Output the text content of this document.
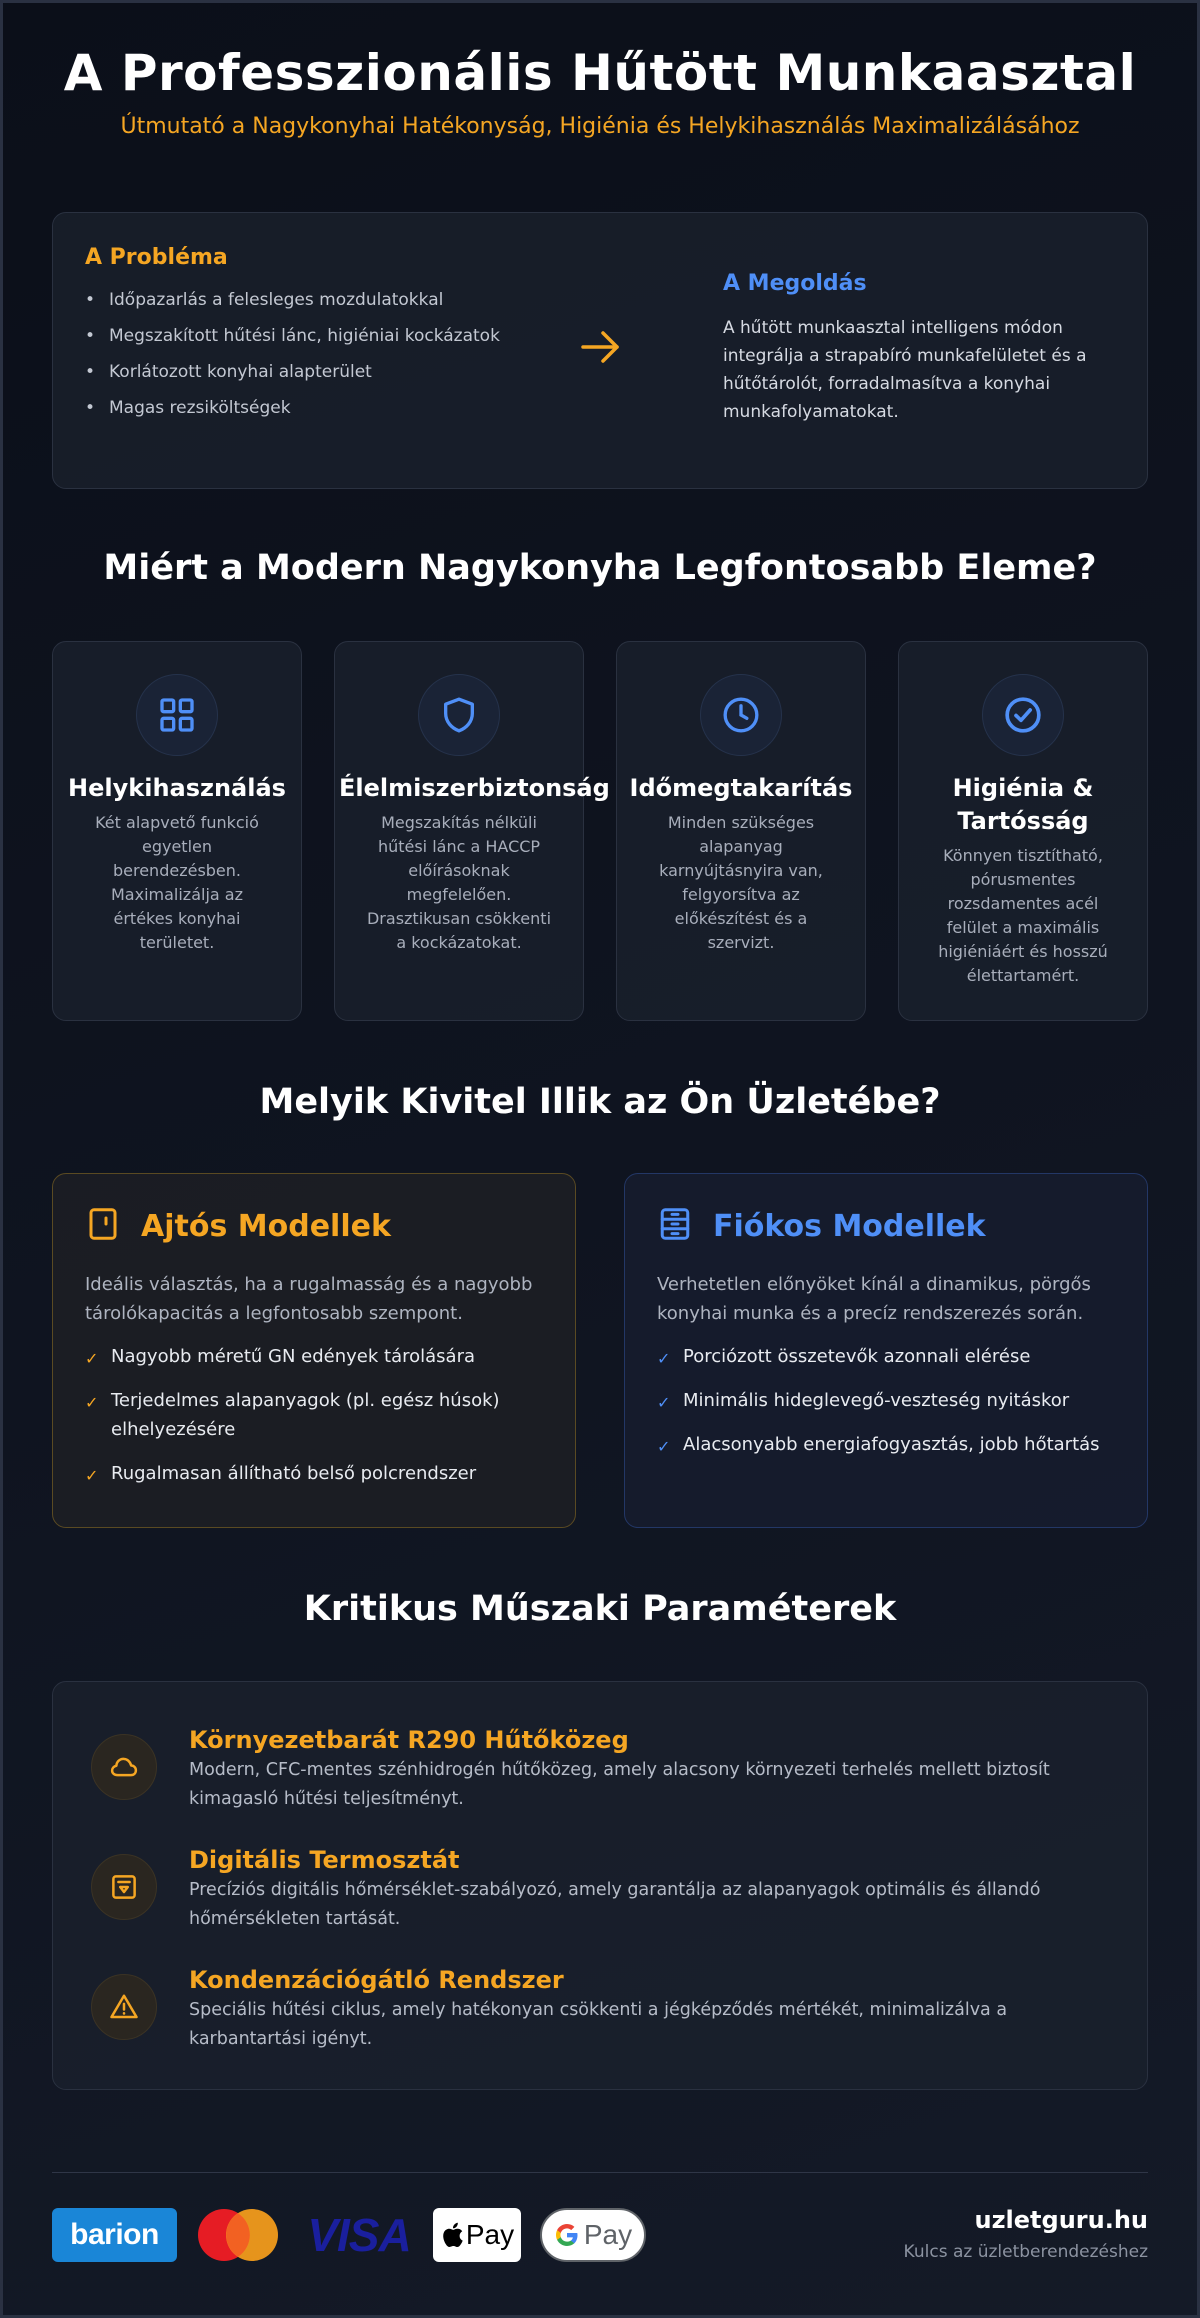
A Professzionális Hűtött Munkaasztal

Útmutató a Nagykonyhai Hatékonyság, Higiénia és Helykihasználás Maximalizálásához

A Probléma
• Időpazarlás a felesleges mozdulatokkal
• Megszakított hűtési lánc, higiéniai kockázatok
• Korlátozott konyhai alapterület
• Magas rezsiköltségek
A Megoldás

A hűtött munkaasztal intelligens módon integrálja a strapabíró munkafelületet és a hűtőtárolót, forradalmasítva a konyhai munkafolyamatokat.

Miért a Modern Nagykonyha Legfontosabb Eleme?
Helykihasználás

Két alapvető funkció egyetlen berendezésben. Maximalizálja az értékes konyhai területet.

Élelmiszerbiztonság

Megszakítás nélküli hűtési lánc a HACCP előírásoknak megfelelően. Drasztikusan csökkenti a kockázatokat.

Időmegtakarítás

Minden szükséges alapanyag karnyújtásnyira van, felgyorsítva az előkészítést és a szervizt.

Higiénia & Tartósság

Könnyen tisztítható, pórusmentes rozsdamentes acél felület a maximális higiéniáért és hosszú élettartamért.

Melyik Kivitel Illik az Ön Üzletébe?
Ajtós Modellek

Ideális választás, ha a rugalmasság és a nagyobb tárolókapacitás a legfontosabb szempont.

✓ Nagyobb méretű GN edények tárolására
✓ Terjedelmes alapanyagok (pl. egész húsok) elhelyezésére
✓ Rugalmasan állítható belső polcrendszer
Fiókos Modellek

Verhetetlen előnyöket kínál a dinamikus, pörgős konyhai munka és a precíz rendszerezés során.

✓ Porciózott összetevők azonnali elérése
✓ Minimális hideglevegő-veszteség nyitáskor
✓ Alacsonyabb energiafogyasztás, jobb hőtartás
Kritikus Műszaki Paraméterek
Környezetbarát R290 Hűtőközeg

Modern, CFC-mentes szénhidrogén hűtőközeg, amely alacsony környezeti terhelés mellett biztosít kimagasló hűtési teljesítményt.

Digitális Termosztát

Precíziós digitális hőmérséklet-szabályozó, amely garantálja az alapanyagok optimális és állandó hőmérsékleten tartását.

Kondenzációgátló Rendszer

Speciális hűtési ciklus, amely hatékonyan csökkenti a jégképződés mértékét, minimalizálva a karbantartási igényt.

barion	VISA Pay Pay	uzletguru.hu
Kulcs az üzletberendezéshez
